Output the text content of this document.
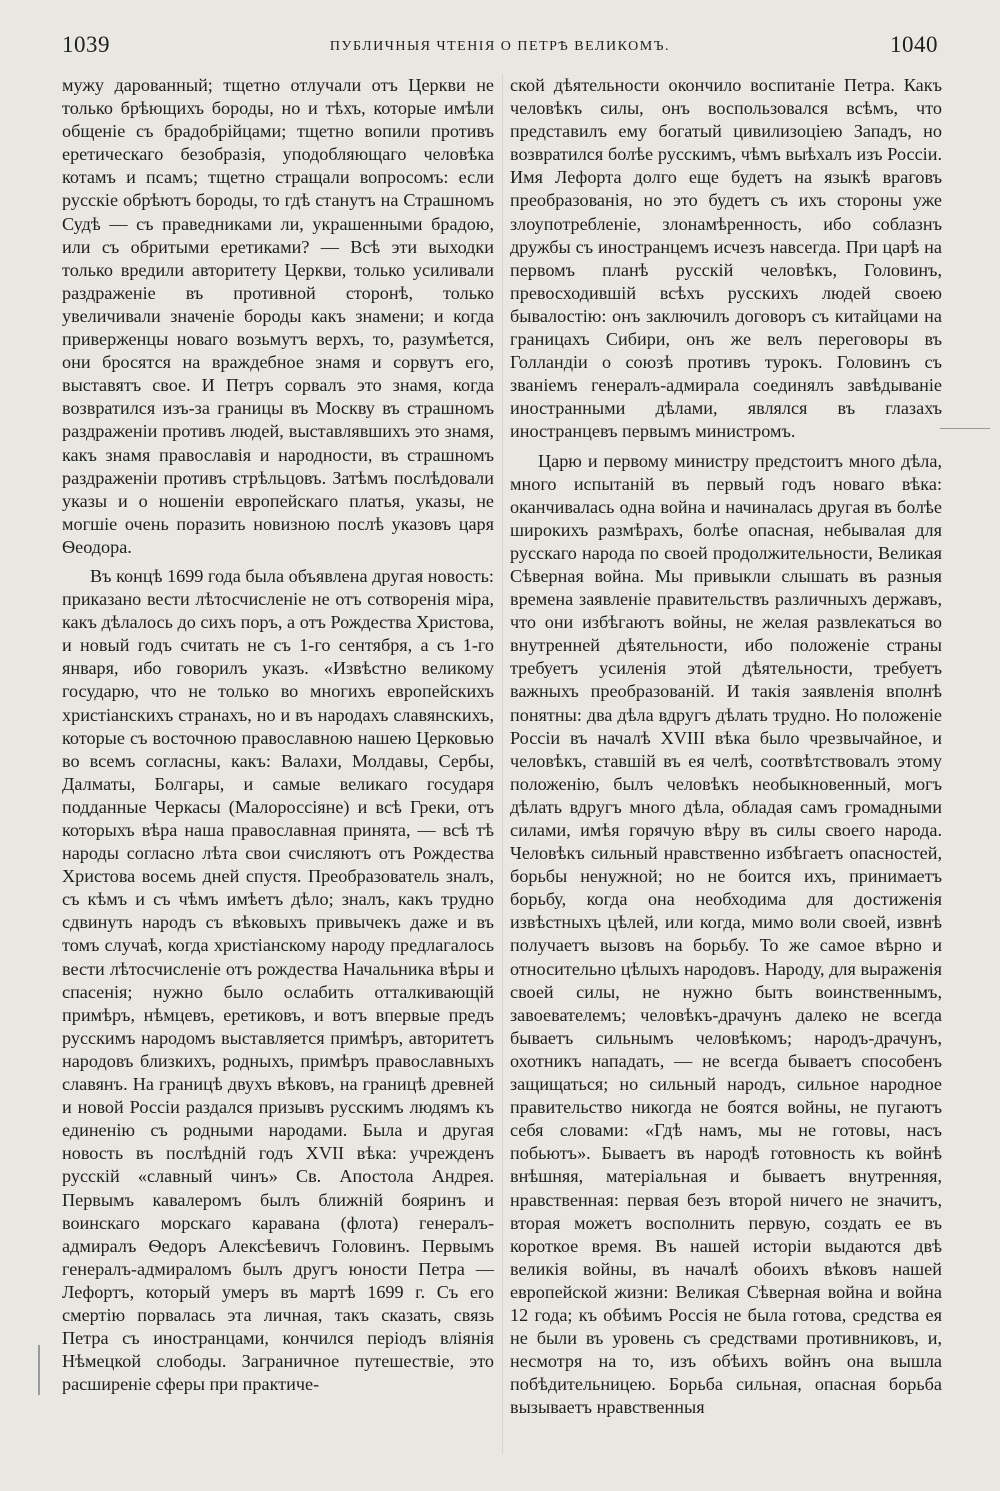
1039	ПУБЛИЧНЫЯ ЧТЕНІЯ О ПЕТРѢ ВЕЛИКОМЪ.	1040

мужу дарованный; тщетно отлучали отъ Церкви не только брѣющихъ бороды, но и тѣхъ, которые имѣли общеніе съ брадобрійцами; тщетно вопили противъ еретическаго безобразія, уподобляющаго человѣка котамъ и псамъ; тщетно стращали вопросомъ: если русскіе обрѣютъ бороды, то гдѣ станутъ на Страшномъ Судѣ — съ праведниками ли, украшенными брадою, или съ обритыми еретиками? — Всѣ эти выходки только вредили авторитету Церкви, только усиливали раздраженіе въ противной сторонѣ, только увеличивали значеніе бороды какъ знамени; и когда приверженцы новаго возьмутъ верхъ, то, разумѣется, они бросятся на враждебное знамя и сорвутъ его, выставятъ свое. И Петръ сорвалъ это знамя, когда возвратился изъ-за границы въ Москву въ страшномъ раздраженіи противъ людей, выставлявшихъ это знамя, какъ знамя православія и народности, въ страшномъ раздраженіи противъ стрѣльцовъ. Затѣмъ послѣдовали указы и о ношеніи европейскаго платья, указы, не могшіе очень поразить новизною послѣ указовъ царя Ѳеодора.

Въ концѣ 1699 года была объявлена другая новость: приказано вести лѣтосчисленіе не отъ сотворенія міра, какъ дѣлалось до сихъ поръ, а отъ Рождества Христова, и новый годъ считать не съ 1-го сентября, а съ 1-го января, ибо говорилъ указъ. «Извѣстно великому государю, что не только во многихъ европейскихъ христіанскихъ странахъ, но и въ народахъ славянскихъ, которые съ восточною православною нашею Церковью во всемъ согласны, какъ: Валахи, Молдавы, Сербы, Далматы, Болгары, и самые великаго государя подданные Черкасы (Малороссіяне) и всѣ Греки, отъ которыхъ вѣра наша православная принята, — всѣ тѣ народы согласно лѣта свои счисляютъ отъ Рождества Христова восемь дней спустя. Преобразователь зналъ, съ кѣмъ и съ чѣмъ имѣетъ дѣло; зналъ, какъ трудно сдвинуть народъ съ вѣковыхъ привычекъ даже и въ томъ случаѣ, когда христіанскому народу предлагалось вести лѣтосчисленіе отъ рождества Начальника вѣры и спасенія; нужно было ослабить отталкивающій примѣръ, нѣмцевъ, еретиковъ, и вотъ впервые предъ русскимъ народомъ выставляется примѣръ, авторитетъ народовъ близкихъ, родныхъ, примѣръ православныхъ славянъ. На границѣ двухъ вѣковъ, на границѣ древней и новой Россіи раздался призывъ русскимъ людямъ къ единенію съ родными народами. Была и другая новость въ послѣдній годъ XVII вѣка: учрежденъ русскій «славный чинъ» Св. Апостола Андрея. Первымъ кавалеромъ былъ ближній бояринъ и воинскаго морскаго каравана (флота) генералъ-адмиралъ Ѳедоръ Алексѣевичъ Головинъ. Первымъ генералъ-адмираломъ былъ другъ юности Петра — Лефортъ, который умеръ въ мартѣ 1699 г. Съ его смертію порвалась эта личная, такъ сказать, связь Петра съ иностранцами, кончился періодъ вліянія Нѣмецкой слободы. Заграничное путешествіе, это расширеніе сферы при практиче-

ской дѣятельности окончило воспитаніе Петра. Какъ человѣкъ силы, онъ воспользовался всѣмъ, что представилъ ему богатый цивилизоціею Западъ, но возвратился болѣе русскимъ, чѣмъ выѣхалъ изъ Россіи. Имя Лефорта долго еще будетъ на языкѣ враговъ преобразованія, но это будетъ съ ихъ стороны уже злоупотребленіе, злонамѣренность, ибо соблазнъ дружбы съ иностранцемъ исчезъ навсегда. При царѣ на первомъ планѣ русскій человѣкъ, Головинъ, превосходившій всѣхъ русскихъ людей своею бывалостію: онъ заключилъ договоръ съ китайцами на границахъ Сибири, онъ же велъ переговоры въ Голландіи о союзѣ противъ турокъ. Головинъ съ званіемъ генералъ-адмирала соединялъ завѣдываніе иностранными дѣлами, являлся въ глазахъ иностранцевъ первымъ министромъ.

Царю и первому министру предстоитъ много дѣла, много испытаній въ первый годъ новаго вѣка: оканчивалась одна война и начиналась другая въ болѣе широкихъ размѣрахъ, болѣе опасная, небывалая для русскаго народа по своей продолжительности, Великая Сѣверная война. Мы привыкли слышать въ разныя времена заявленіе правительствъ различныхъ державъ, что они избѣгаютъ войны, не желая развлекаться во внутренней дѣятельности, ибо положеніе страны требуетъ усиленія этой дѣятельности, требуетъ важныхъ преобразованій. И такія заявленія вполнѣ понятны: два дѣла вдругъ дѣлать трудно. Но положеніе Россіи въ началѣ XVIII вѣка было чрезвычайное, и человѣкъ, ставшій въ ея челѣ, соотвѣтствовалъ этому положенію, былъ человѣкъ необыкновенный, могъ дѣлать вдругъ много дѣла, обладая самъ громадными силами, имѣя горячую вѣру въ силы своего народа. Человѣкъ сильный нравственно избѣгаетъ опасностей, борьбы ненужной; но не боится ихъ, принимаетъ борьбу, когда она необходима для достиженія извѣстныхъ цѣлей, или когда, мимо воли своей, извнѣ получаетъ вызовъ на борьбу. То же самое вѣрно и относительно цѣлыхъ народовъ. Народу, для выраженія своей силы, не нужно быть воинственнымъ, завоевателемъ; человѣкъ-драчунъ далеко не всегда бываетъ сильнымъ человѣкомъ; народъ-драчунъ, охотникъ нападать, — не всегда бываетъ способенъ защищаться; но сильный народъ, сильное народное правительство никогда не боятся войны, не пугаютъ себя словами: «Гдѣ намъ, мы не готовы, насъ побьютъ». Бываетъ въ народѣ готовность къ войнѣ внѣшняя, матеріальная и бываетъ внутренняя, нравственная: первая безъ второй ничего не значитъ, вторая можетъ восполнить первую, создать ее въ короткое время. Въ нашей исторіи выдаются двѣ великія войны, въ началѣ обоихъ вѣковъ нашей европейской жизни: Великая Сѣверная война и война 12 года; къ обѣимъ Россія не была готова, средства ея не были въ уровень съ средствами противниковъ, и, несмотря на то, изъ обѣихъ войнъ она вышла побѣдительницею. Борьба сильная, опасная борьба вызываетъ нравственныя
